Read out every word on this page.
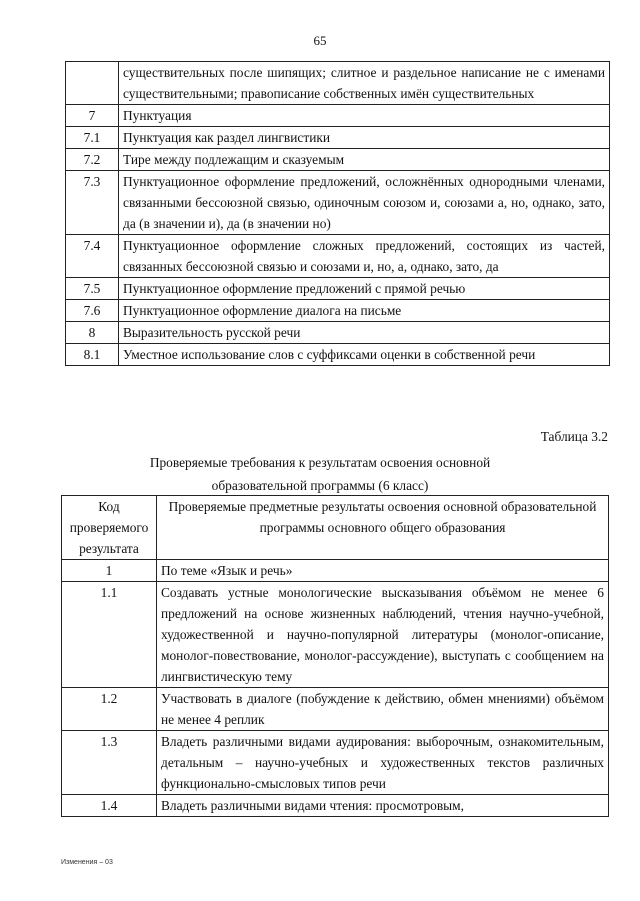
65
	существительных после шипящих; слитное и раздельное написание не с именами существительными; правописание собственных имён существительных
7	Пунктуация
7.1	Пунктуация как раздел лингвистики
7.2	Тире между подлежащим и сказуемым
7.3	Пунктуационное оформление предложений, осложнённых однородными членами, связанными бессоюзной связью, одиночным союзом и, союзами а, но, однако, зато, да (в значении и), да (в значении но)
7.4	Пунктуационное оформление сложных предложений, состоящих из частей, связанных бессоюзной связью и союзами и, но, а, однако, зато, да
7.5	Пунктуационное оформление предложений с прямой речью
7.6	Пунктуационное оформление диалога на письме
8	Выразительность русской речи
8.1	Уместное использование слов с суффиксами оценки в собственной речи
Таблица 3.2
Проверяемые требования к результатам освоения основной
образовательной программы (6 класс)
Код проверяемого результата	Проверяемые предметные результаты освоения основной образовательной программы основного общего образования
1	По теме «Язык и речь»
1.1	Создавать устные монологические высказывания объёмом не менее 6 предложений на основе жизненных наблюдений, чтения научно-учебной, художественной и научно-популярной литературы (монолог-описание, монолог-повествование, монолог-рассуждение), выступать с сообщением на лингвистическую тему
1.2	Участвовать в диалоге (побуждение к действию, обмен мнениями) объёмом не менее 4 реплик
1.3	Владеть различными видами аудирования: выборочным, ознакомительным, детальным – научно-учебных и художественных текстов различных функционально-смысловых типов речи
1.4	Владеть различными видами чтения: просмотровым,
Изменения – 03
